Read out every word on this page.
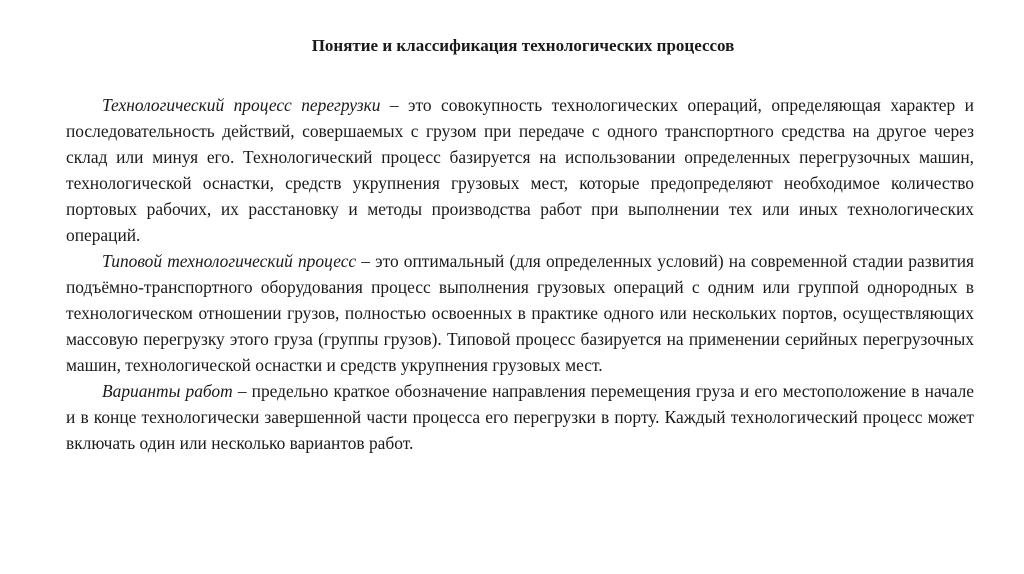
Понятие и классификация технологических процессов

Технологический процесс перегрузки – это совокупность технологических операций, определяющая характер и последовательность действий, совершаемых с грузом при передаче с одного транспортного средства на другое через склад или минуя его. Технологический процесс базируется на использовании определенных перегрузочных машин, технологической оснастки, средств укрупнения грузовых мест, которые предопределяют необходимое количество портовых рабочих, их расстановку и методы производства работ при выполнении тех или иных технологических операций.

Типовой технологический процесс – это оптимальный (для определенных условий) на современной стадии развития подъёмно-транспортного оборудования процесс выполнения грузовых операций с одним или группой однородных в технологическом отношении грузов, полностью освоенных в практике одного или нескольких портов, осуществляющих массовую перегрузку этого груза (группы грузов). Типовой процесс базируется на применении серийных перегрузочных машин, технологической оснастки и средств укрупнения грузовых мест.

Варианты работ – предельно краткое обозначение направления перемещения груза и его местоположение в начале и в конце технологически завершенной части процесса его перегрузки в порту. Каждый технологический процесс может включать один или несколько вариантов работ.
